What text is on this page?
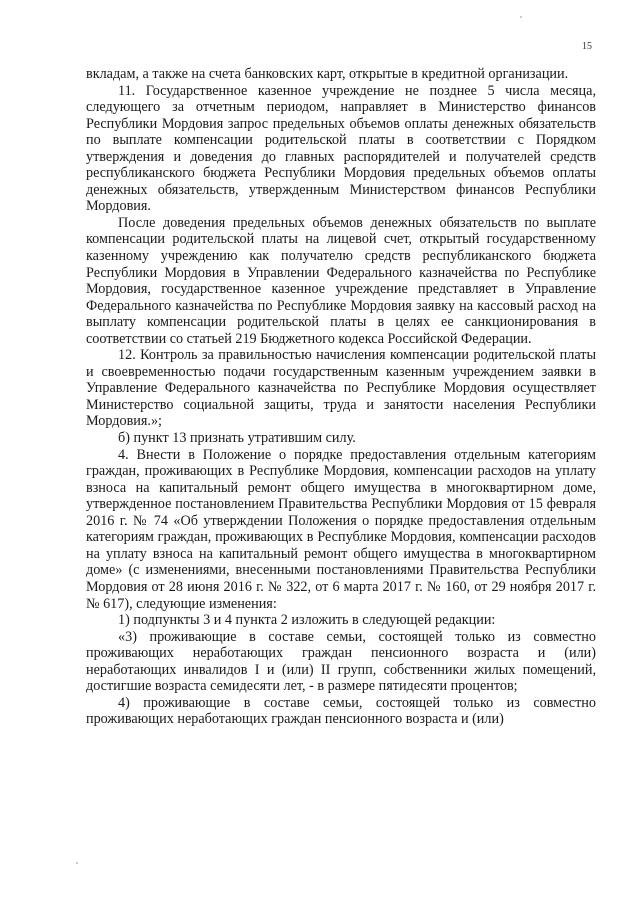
15

вкладам, а также на счета банковских карт, открытые в кредитной организации.

11. Государственное казенное учреждение не позднее 5 числа месяца, следующего за отчетным периодом, направляет в Министерство финансов Республики Мордовия запрос предельных объемов оплаты денежных обязательств по выплате компенсации родительской платы в соответствии с Порядком утверждения и доведения до главных распорядителей и получателей средств республиканского бюджета Республики Мордовия предельных объемов оплаты денежных обязательств, утвержденным Министерством финансов Республики Мордовия.

После доведения предельных объемов денежных обязательств по выплате компенсации родительской платы на лицевой счет, открытый государственному казенному учреждению как получателю средств республиканского бюджета Республики Мордовия в Управлении Федерального казначейства по Республике Мордовия, государственное казенное учреждение представляет в Управление Федерального казначейства по Республике Мордовия заявку на кассовый расход на выплату компенсации родительской платы в целях ее санкционирования в соответствии со статьей 219 Бюджетного кодекса Российской Федерации.

12. Контроль за правильностью начисления компенсации родительской платы и своевременностью подачи государственным казенным учреждением заявки в Управление Федерального казначейства по Республике Мордовия осуществляет Министерство социальной защиты, труда и занятости населения Республики Мордовия.»;

б) пункт 13 признать утратившим силу.

4. Внести в Положение о порядке предоставления отдельным категориям граждан, проживающих в Республике Мордовия, компенсации расходов на уплату взноса на капитальный ремонт общего имущества в многоквартирном доме, утвержденное постановлением Правительства Республики Мордовия от 15 февраля 2016 г. № 74 «Об утверждении Положения о порядке предоставления отдельным категориям граждан, проживающих в Республике Мордовия, компенсации расходов на уплату взноса на капитальный ремонт общего имущества в многоквартирном доме» (с изменениями, внесенными постановлениями Правительства Республики Мордовия от 28 июня 2016 г. № 322, от 6 марта 2017 г. № 160, от 29 ноября 2017 г. № 617), следующие изменения:

1) подпункты 3 и 4 пункта 2 изложить в следующей редакции:

«3) проживающие в составе семьи, состоящей только из совместно проживающих неработающих граждан пенсионного возраста и (или) неработающих инвалидов I и (или) II групп, собственники жилых помещений, достигшие возраста семидесяти лет, - в размере пятидесяти процентов;

4) проживающие в составе семьи, состоящей только из совместно проживающих неработающих граждан пенсионного возраста и (или)
